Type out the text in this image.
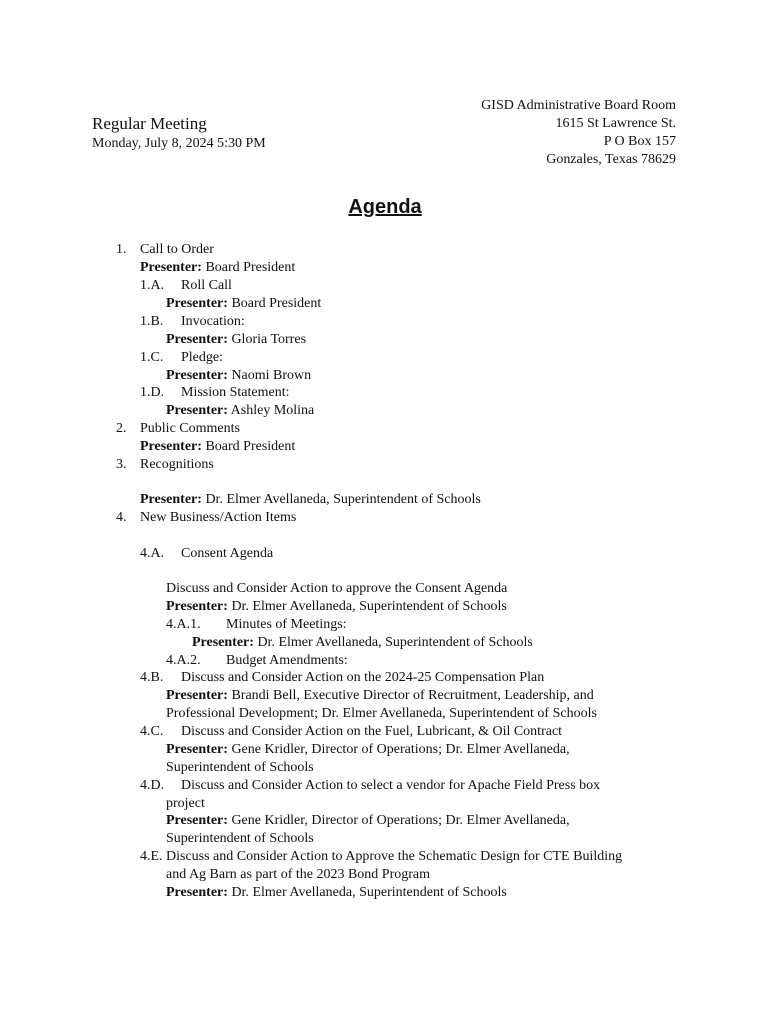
Regular Meeting
Monday, July 8, 2024 5:30 PM
GISD Administrative Board Room
1615 St Lawrence St.
P O Box 157
Gonzales, Texas 78629
Agenda
1. Call to Order
Presenter: Board President
1.A. Roll Call
Presenter: Board President
1.B. Invocation:
Presenter: Gloria Torres
1.C. Pledge:
Presenter: Naomi Brown
1.D. Mission Statement:
Presenter: Ashley Molina
2. Public Comments
Presenter: Board President
3. Recognitions
Presenter: Dr. Elmer Avellaneda, Superintendent of Schools
4. New Business/Action Items
4.A. Consent Agenda
Discuss and Consider Action to approve the Consent Agenda
Presenter: Dr. Elmer Avellaneda, Superintendent of Schools
4.A.1. Minutes of Meetings:
Presenter: Dr. Elmer Avellaneda, Superintendent of Schools
4.A.2. Budget Amendments:
4.B. Discuss and Consider Action on the 2024-25 Compensation Plan
Presenter: Brandi Bell, Executive Director of Recruitment, Leadership, and
Professional Development; Dr. Elmer Avellaneda, Superintendent of Schools
4.C. Discuss and Consider Action on the Fuel, Lubricant, & Oil Contract
Presenter: Gene Kridler, Director of Operations; Dr. Elmer Avellaneda,
Superintendent of Schools
4.D. Discuss and Consider Action to select a vendor for Apache Field Press box
project
Presenter: Gene Kridler, Director of Operations; Dr. Elmer Avellaneda,
Superintendent of Schools
4.E. Discuss and Consider Action to Approve the Schematic Design for CTE Building
and Ag Barn as part of the 2023 Bond Program
Presenter: Dr. Elmer Avellaneda, Superintendent of Schools
